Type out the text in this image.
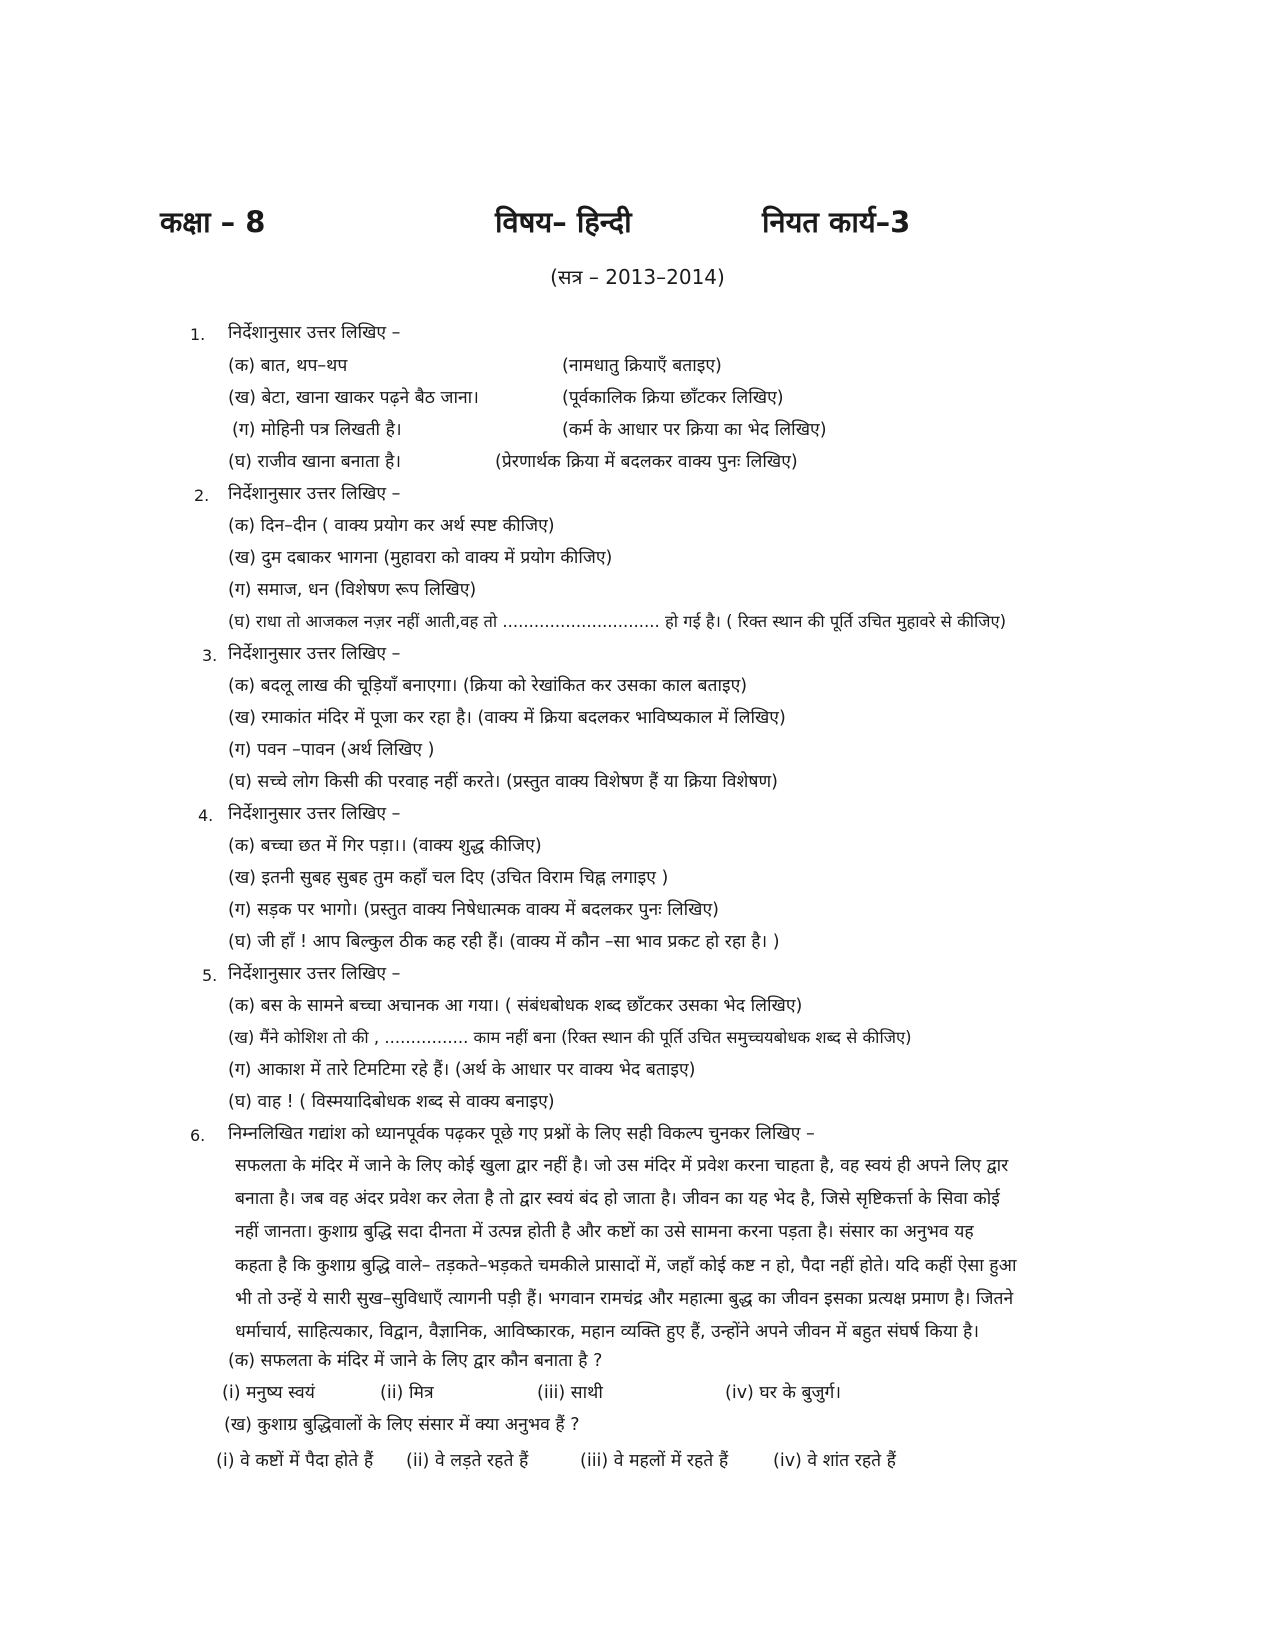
कक्षा – 8	विषय– हिन्दी	नियत कार्य–3
(सत्र – 2013–2014)
1. निर्देशानुसार उत्तर लिखिए –
(क) बात, थप–थप	(नामधातु क्रियाएँ बताइए)
(ख) बेटा, खाना खाकर पढ़ने बैठ जाना।	(पूर्वकालिक क्रिया छाँटकर लिखिए)
(ग) मोहिनी पत्र लिखती है।	(कर्म के आधार पर क्रिया का भेद लिखिए)
(घ) राजीव खाना बनाता है।	(प्रेरणार्थक क्रिया में बदलकर वाक्य पुनः लिखिए)
2. निर्देशानुसार उत्तर लिखिए –
(क) दिन–दीन ( वाक्य प्रयोग कर अर्थ स्पष्ट कीजिए)
(ख) दुम दबाकर भागना (मुहावरा को वाक्य में प्रयोग कीजिए)
(ग) समाज, धन (विशेषण रूप लिखिए)
(घ) राधा तो आजकल नज़र नहीं आती,वह तो .............................. हो गई है। ( रिक्त स्थान की पूर्ति उचित मुहावरे से कीजिए)
3. निर्देशानुसार उत्तर लिखिए –
(क) बदलू लाख की चूड़ियाँ बनाएगा। (क्रिया को रेखांकित कर उसका काल बताइए)
(ख) रमाकांत मंदिर में पूजा कर रहा है। (वाक्य में क्रिया बदलकर भाविष्यकाल में लिखिए)
(ग) पवन –पावन (अर्थ लिखिए )
(घ) सच्चे लोग किसी की परवाह नहीं करते। (प्रस्तुत वाक्य विशेषण हैं या क्रिया विशेषण)
4. निर्देशानुसार उत्तर लिखिए –
(क) बच्चा छत में गिर पड़ा।। (वाक्य शुद्ध कीजिए)
(ख) इतनी सुबह सुबह तुम कहाँ चल दिए (उचित विराम चिह्न लगाइए )
(ग) सड़क पर भागो। (प्रस्तुत वाक्य निषेधात्मक वाक्य में बदलकर पुनः लिखिए)
(घ) जी हाँ ! आप बिल्कुल ठीक कह रही हैं। (वाक्य में कौन –सा भाव प्रकट हो रहा है। )
5. निर्देशानुसार उत्तर लिखिए –
(क) बस के सामने बच्चा अचानक आ गया। ( संबंधबोधक शब्द छाँटकर उसका भेद लिखिए)
(ख) मैंने कोशिश तो की , ................ काम नहीं बना (रिक्त स्थान की पूर्ति उचित समुच्चयबोधक शब्द से कीजिए)
(ग) आकाश में तारे टिमटिमा रहे हैं। (अर्थ के आधार पर वाक्य भेद बताइए)
(घ) वाह ! ( विस्मयादिबोधक शब्द से वाक्य बनाइए)
6. निम्नलिखित गद्यांश को ध्यानपूर्वक पढ़कर पूछे गए प्रश्नों के लिए सही विकल्प चुनकर लिखिए –
सफलता के मंदिर में जाने के लिए कोई खुला द्वार नहीं है। जो उस मंदिर में प्रवेश करना चाहता है, वह स्वयं ही अपने लिए द्वार
बनाता है। जब वह अंदर प्रवेश कर लेता है तो द्वार स्वयं बंद हो जाता है। जीवन का यह भेद है, जिसे सृष्टिकर्त्ता के सिवा कोई
नहीं जानता। कुशाग्र बुद्धि सदा दीनता में उत्पन्न होती है और कष्टों का उसे सामना करना पड़ता है। संसार का अनुभव यह
कहता है कि कुशाग्र बुद्धि वाले– तड़कते–भड़कते चमकीले प्रासादों में, जहाँ कोई कष्ट न हो, पैदा नहीं होते। यदि कहीं ऐसा हुआ
भी तो उन्हें ये सारी सुख–सुविधाएँ त्यागनी पड़ी हैं। भगवान रामचंद्र और महात्मा बुद्ध का जीवन इसका प्रत्यक्ष प्रमाण है। जितने
धर्माचार्य, साहित्यकार, विद्वान, वैज्ञानिक, आविष्कारक, महान व्यक्ति हुए हैं, उन्होंने अपने जीवन में बहुत संघर्ष किया है।
(क) सफलता के मंदिर में जाने के लिए द्वार कौन बनाता है ?
(i) मनुष्य स्वयं	(ii) मित्र	(iii) साथी	(iv) घर के बुजुर्ग।
(ख) कुशाग्र बुद्धिवालों के लिए संसार में क्या अनुभव हैं ?
(i) वे कष्टों में पैदा होते हैं (ii) वे लड़ते रहते हैं	(iii) वे महलों में रहते हैं	(iv) वे शांत रहते हैं
